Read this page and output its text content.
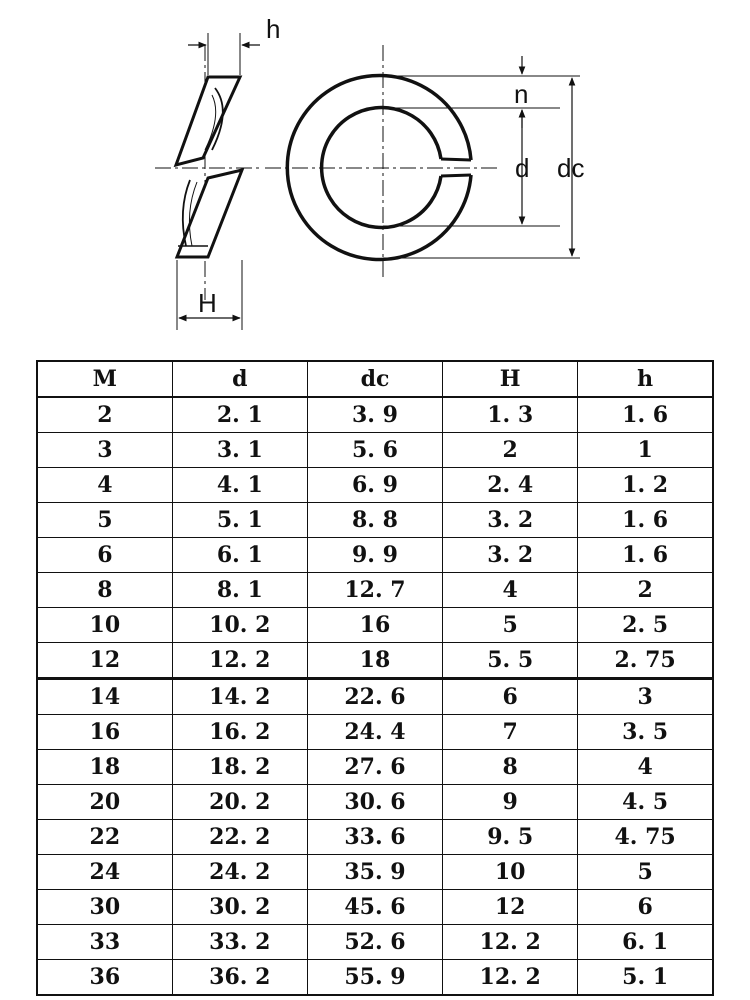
h
H
n
d dc
M	d	dc	H	h
2	2. 1	3. 9	1. 3	1. 6
3	3. 1	5. 6	2	1
4	4. 1	6. 9	2. 4	1. 2
5	5. 1	8. 8	3. 2	1. 6
6	6. 1	9. 9	3. 2	1. 6
8	8. 1	12. 7	4	2
10	10. 2	16	5	2. 5
12	12. 2	18	5. 5	2. 75
14	14. 2	22. 6	6	3
16	16. 2	24. 4	7	3. 5
18	18. 2	27. 6	8	4
20	20. 2	30. 6	9	4. 5
22	22. 2	33. 6	9. 5	4. 75
24	24. 2	35. 9	10	5
30	30. 2	45. 6	12	6
33	33. 2	52. 6	12. 2	6. 1
36	36. 2	55. 9	12. 2	5. 1
